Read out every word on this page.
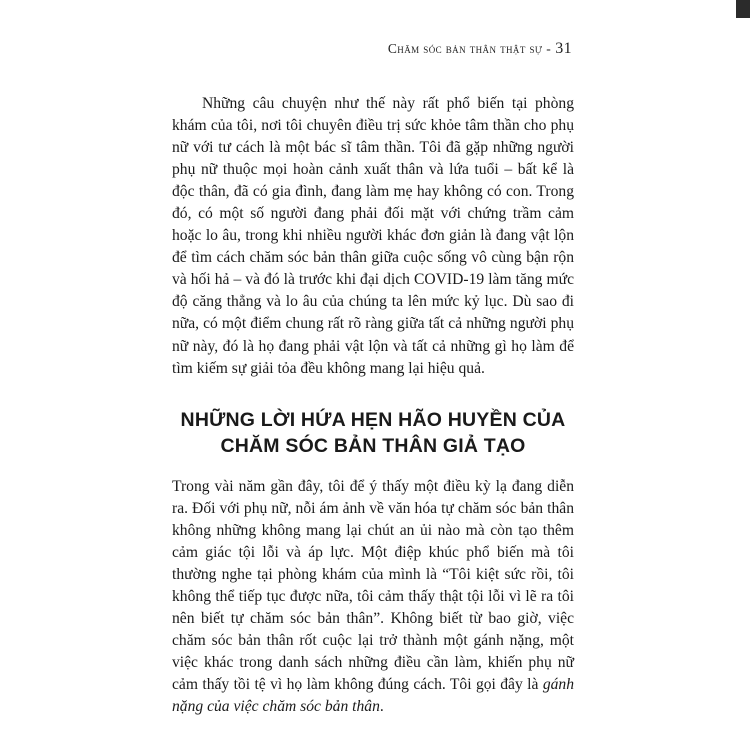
Chăm sóc bản thân thật sự - 31

Những câu chuyện như thế này rất phổ biến tại phòng khám của tôi, nơi tôi chuyên điều trị sức khỏe tâm thần cho phụ nữ với tư cách là một bác sĩ tâm thần. Tôi đã gặp những người phụ nữ thuộc mọi hoàn cảnh xuất thân và lứa tuổi – bất kể là độc thân, đã có gia đình, đang làm mẹ hay không có con. Trong đó, có một số người đang phải đối mặt với chứng trầm cảm hoặc lo âu, trong khi nhiều người khác đơn giản là đang vật lộn để tìm cách chăm sóc bản thân giữa cuộc sống vô cùng bận rộn và hối hả – và đó là trước khi đại dịch COVID-19 làm tăng mức độ căng thẳng và lo âu của chúng ta lên mức kỷ lục. Dù sao đi nữa, có một điểm chung rất rõ ràng giữa tất cả những người phụ nữ này, đó là họ đang phải vật lộn và tất cả những gì họ làm để tìm kiếm sự giải tỏa đều không mang lại hiệu quả.

NHỮNG LỜI HỨA HẸN HÃO HUYỀN CỦA
CHĂM SÓC BẢN THÂN GIẢ TẠO

Trong vài năm gần đây, tôi để ý thấy một điều kỳ lạ đang diễn ra. Đối với phụ nữ, nỗi ám ảnh về văn hóa tự chăm sóc bản thân không những không mang lại chút an ủi nào mà còn tạo thêm cảm giác tội lỗi và áp lực. Một điệp khúc phổ biến mà tôi thường nghe tại phòng khám của mình là “Tôi kiệt sức rồi, tôi không thể tiếp tục được nữa, tôi cảm thấy thật tội lỗi vì lẽ ra tôi nên biết tự chăm sóc bản thân”. Không biết từ bao giờ, việc chăm sóc bản thân rốt cuộc lại trở thành một gánh nặng, một việc khác trong danh sách những điều cần làm, khiến phụ nữ cảm thấy tồi tệ vì họ làm không đúng cách. Tôi gọi đây là gánh nặng của việc chăm sóc bản thân.
